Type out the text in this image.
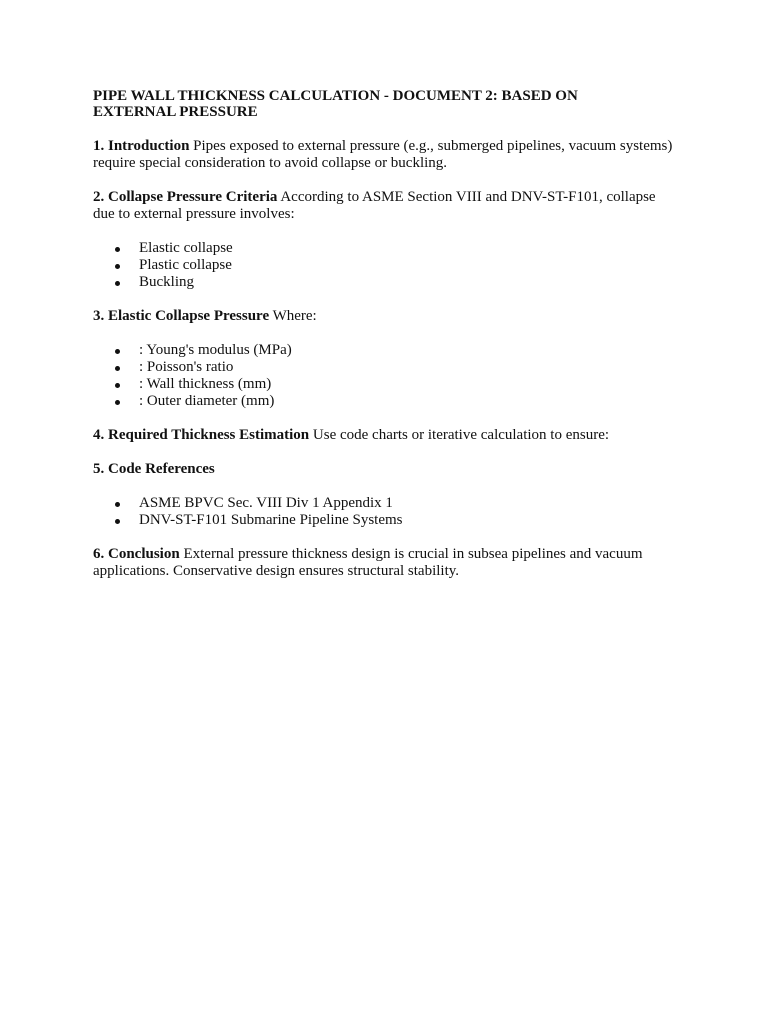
PIPE WALL THICKNESS CALCULATION - DOCUMENT 2: BASED ON EXTERNAL PRESSURE
1. Introduction Pipes exposed to external pressure (e.g., submerged pipelines, vacuum systems) require special consideration to avoid collapse or buckling.
2. Collapse Pressure Criteria According to ASME Section VIII and DNV-ST-F101, collapse due to external pressure involves:
Elastic collapse
Plastic collapse
Buckling
3. Elastic Collapse Pressure Where:
: Young's modulus (MPa)
: Poisson's ratio
: Wall thickness (mm)
: Outer diameter (mm)
4. Required Thickness Estimation Use code charts or iterative calculation to ensure:
5. Code References
ASME BPVC Sec. VIII Div 1 Appendix 1
DNV-ST-F101 Submarine Pipeline Systems
6. Conclusion External pressure thickness design is crucial in subsea pipelines and vacuum applications. Conservative design ensures structural stability.
